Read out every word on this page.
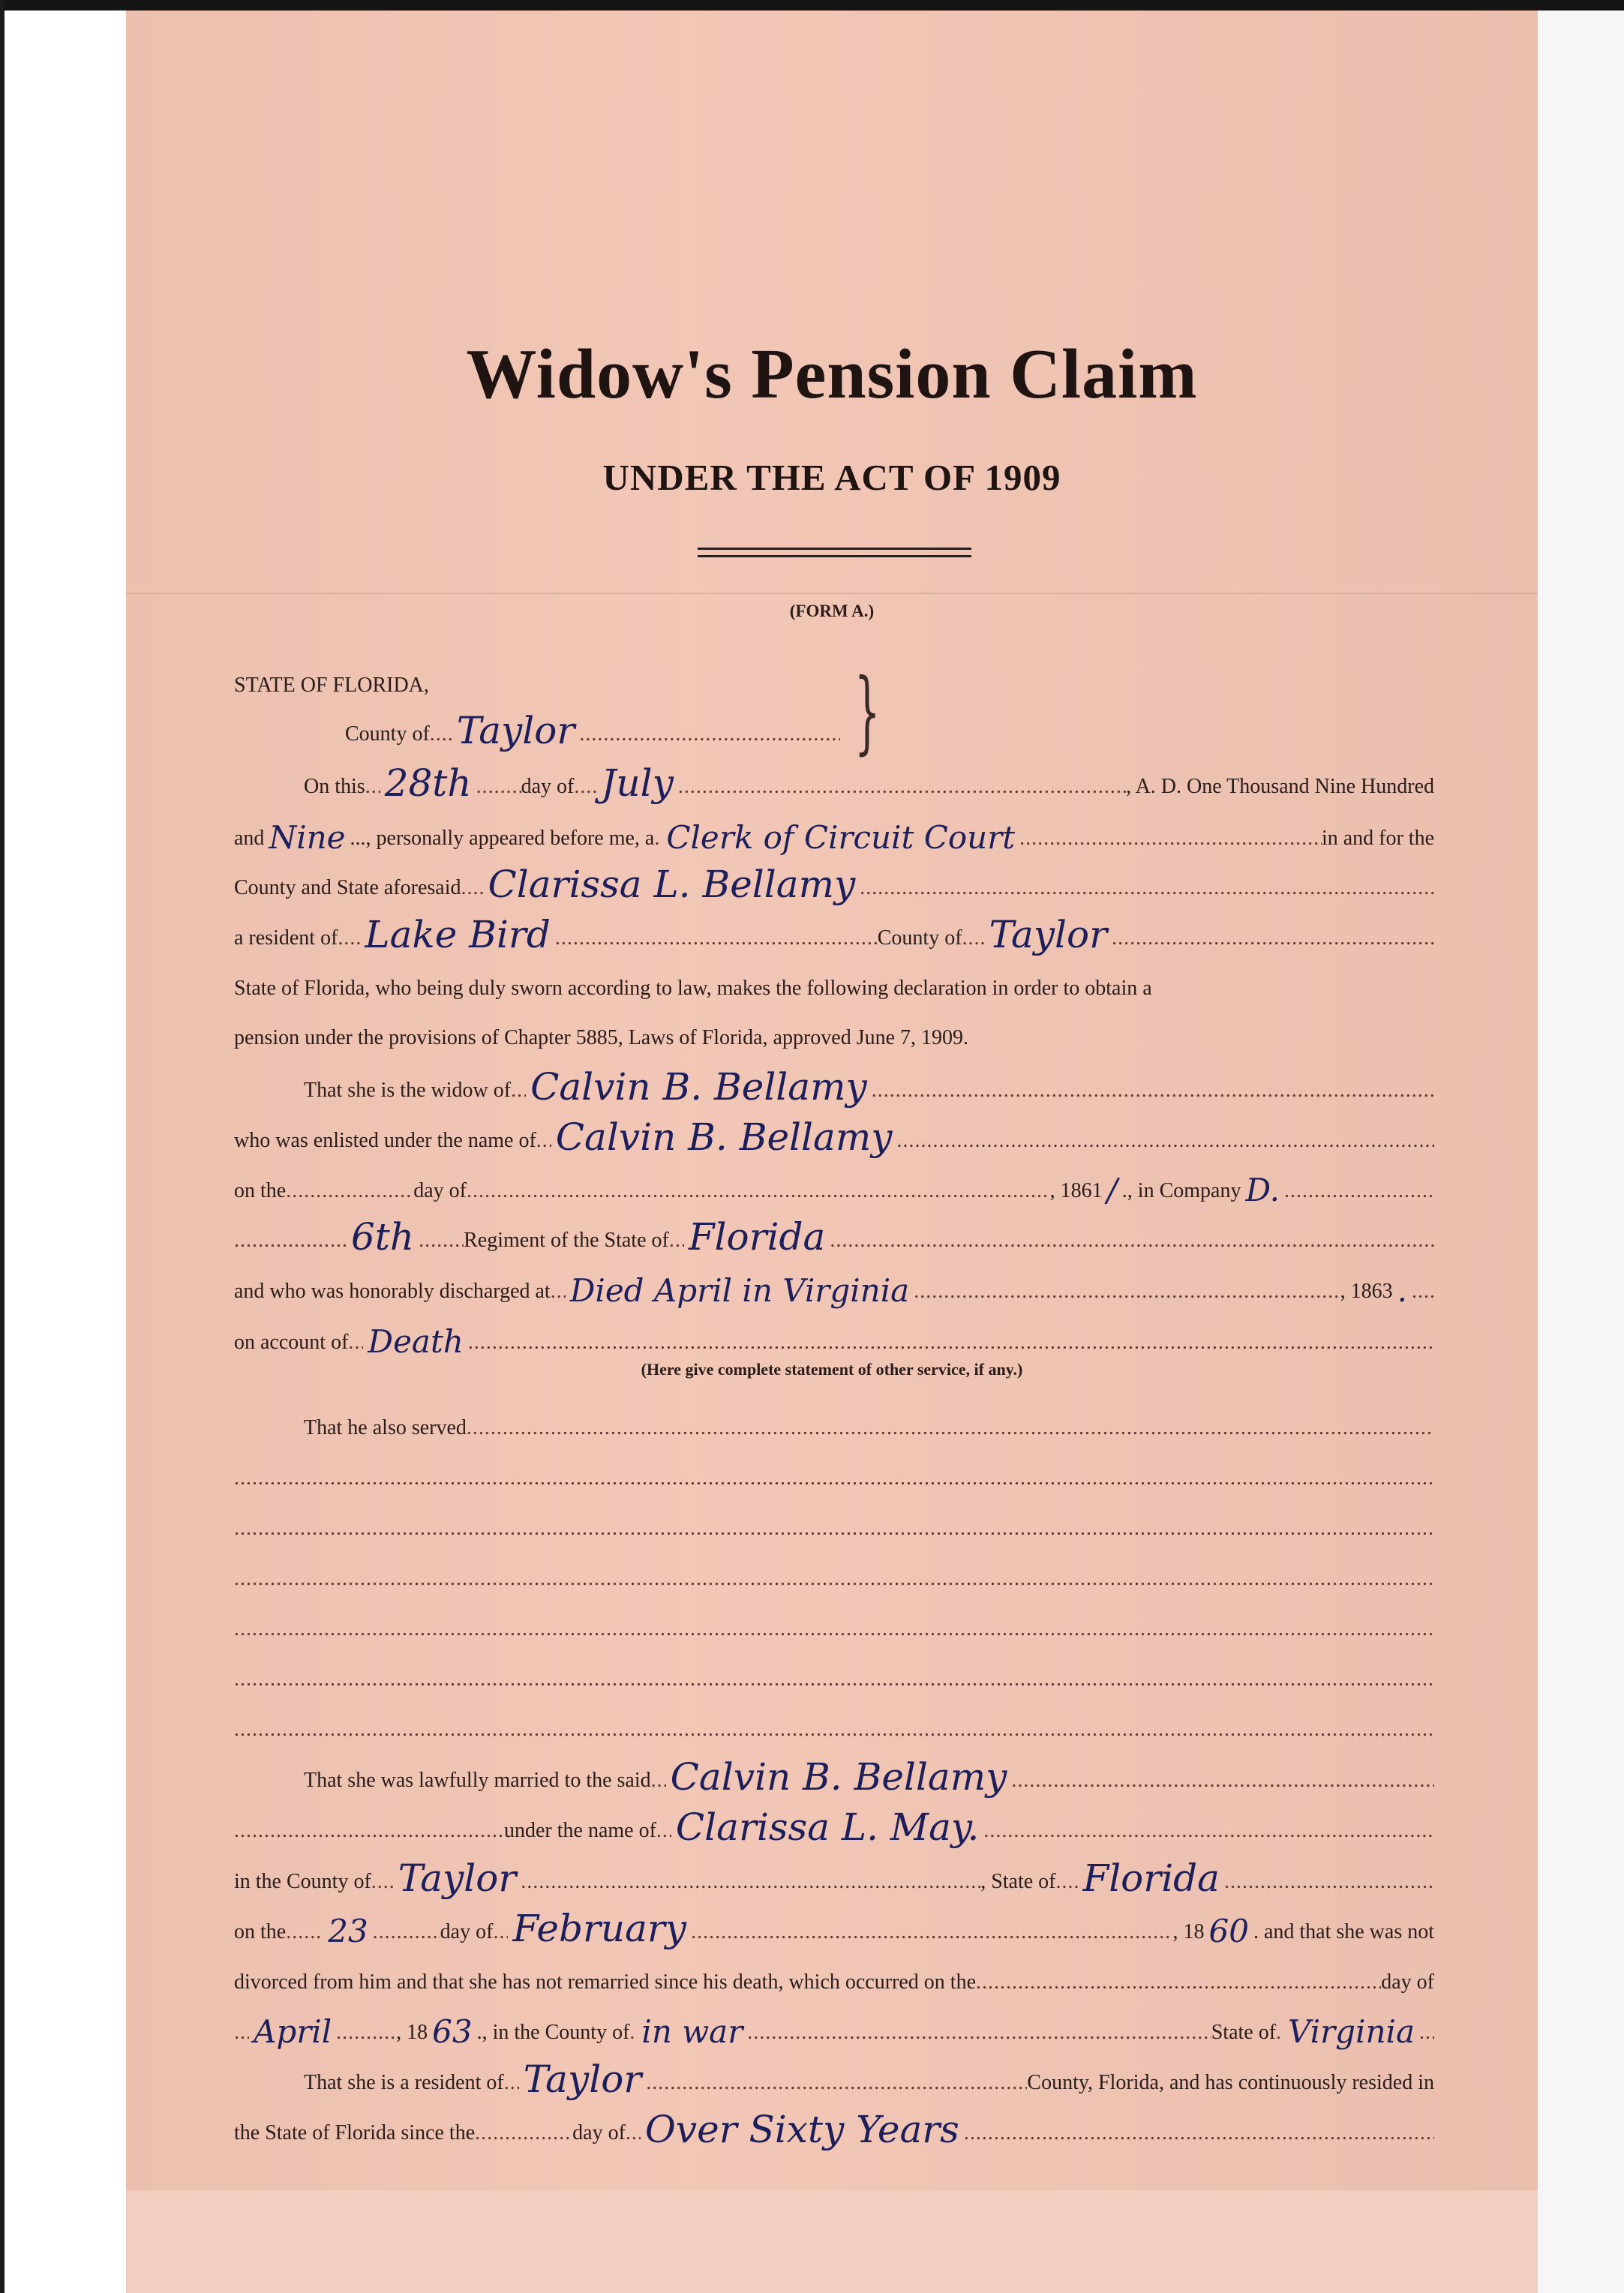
Widow's Pension Claim
UNDER THE ACT OF 1909
(FORM A.)
STATE OF FLORIDA,
County of ..... Taylor .....	}
On this ..... 28th ..... day of ..... July .....	, A. D. One Thousand Nine Hundred
and Nine ..., personally appeared before me, a ..... Clerk of Circuit Court .....	in and for the
County and State aforesaid ..... Clarissa L. Bellamy
.....
a resident of ..... Lake Bird .....	County of ..... Taylor
.....
State of Florida, who being duly sworn according to law, makes the following declaration in order to obtain a
pension under the provisions of Chapter 5885, Laws of Florida, approved June 7, 1909.
That she is the widow of ..... Calvin B. Bellamy
.....
who was enlisted under the name of ..... Calvin B. Bellamy
.....
on the .....	day of .....	, 1861 / ., in Company D.
.....
.....
6th ..... Regiment of the State of ..... Florida
.....
and who was honorably discharged at ..... Died April in Virginia .....	, 1863 .
.....
on account of ..... Death
.....
(Here give complete statement of other service, if any.)
That he also served
.....
.....
.....
.....
.....
.....
.....
That she was lawfully married to the said ..... Calvin B. Bellamy
.....
.....
under the name of ..... Clarissa L. May.
.....
in the County of ..... Taylor .....	, State of ..... Florida
.....
on the ..... 23 .....	day of ..... February .....	, 18 60 . and that she was not
divorced from him and that she has not remarried since his death, which occurred on the .....	day of
.....
April .....	, 18 63 ., in the County of ..... in war .....	State of ..... Virginia
.....
That she is a resident of ..... Taylor .....	County, Florida, and has continuously resided in
the State of Florida since the .....	day of ..... Over Sixty Years
.....
